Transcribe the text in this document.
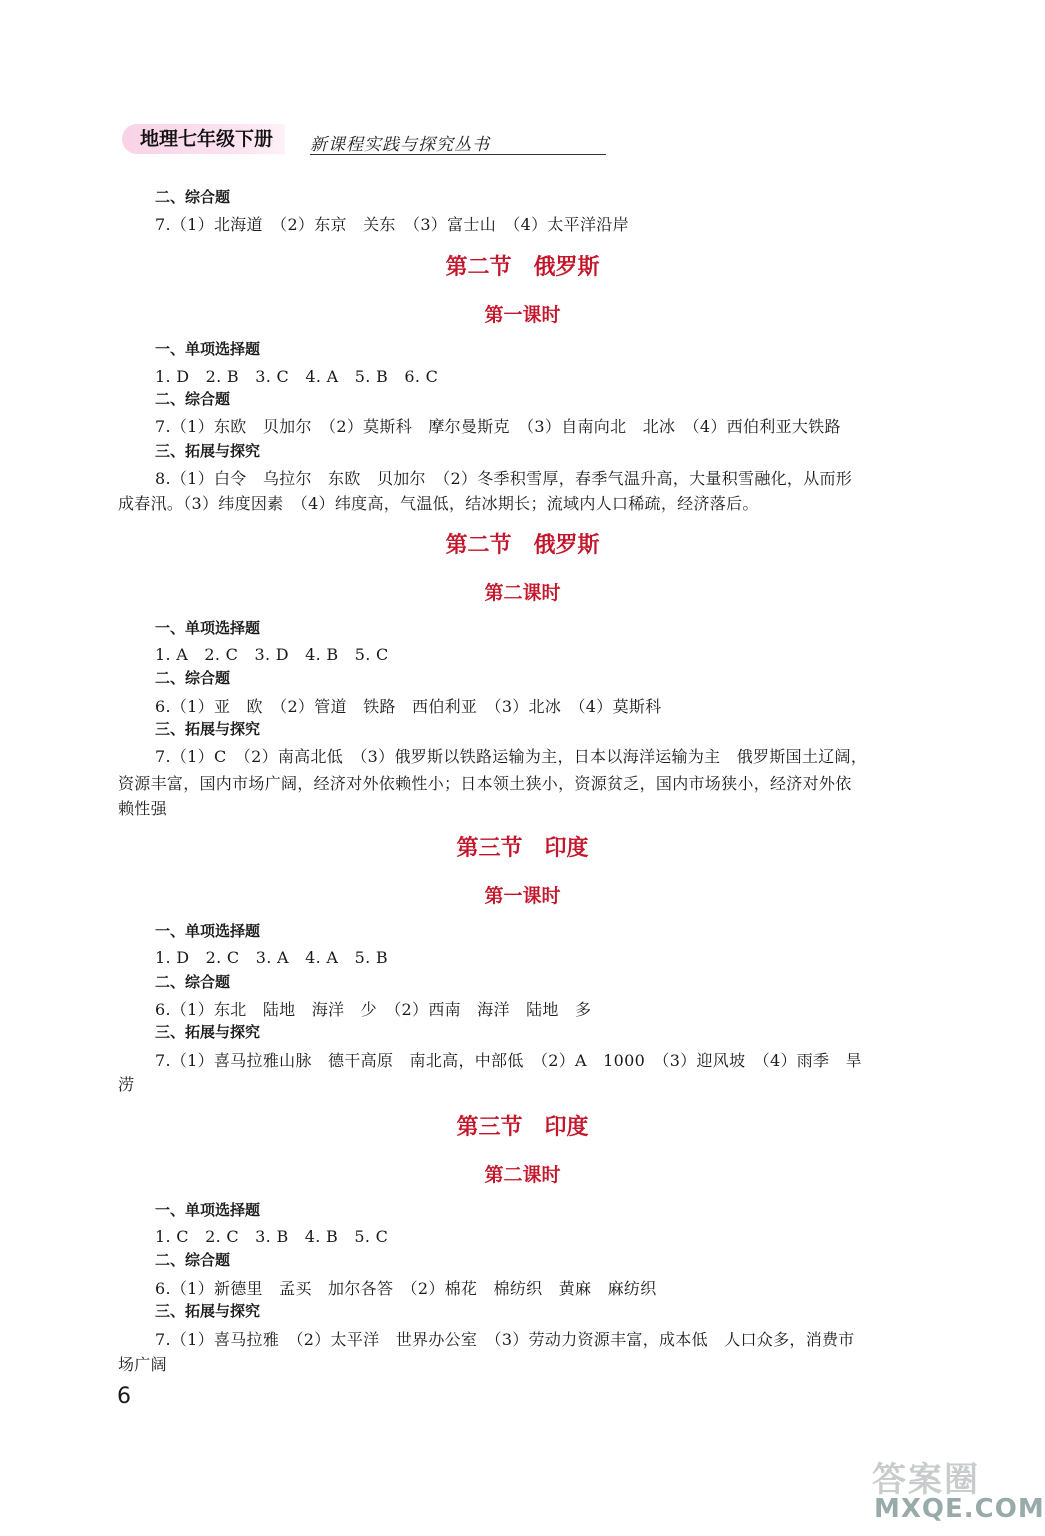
地理七年级下册	新课程实践与探究丛书
二、综合题
7.（1）北海道　（2）东京　关东　（3）富士山　（4）太平洋沿岸
第二节　俄罗斯
第一课时
一、单项选择题
1. D　2. B　3. C　4. A　5. B　6. C
二、综合题
7.（1）东欧　贝加尔　（2）莫斯科　摩尔曼斯克　（3）自南向北　北冰　（4）西伯利亚大铁路
三、拓展与探究
8.（1）白令　乌拉尔　东欧　贝加尔　（2）冬季积雪厚，春季气温升高，大量积雪融化，从而形
成春汛。（3）纬度因素　（4）纬度高，气温低，结冰期长；流域内人口稀疏，经济落后。
第二节　俄罗斯
第二课时
一、单项选择题
1. A　2. C　3. D　4. B　5. C
二、综合题
6.（1）亚　欧　（2）管道　铁路　西伯利亚　（3）北冰　（4）莫斯科
三、拓展与探究
7.（1）C　（2）南高北低　（3）俄罗斯以铁路运输为主，日本以海洋运输为主　俄罗斯国土辽阔，
资源丰富，国内市场广阔，经济对外依赖性小；日本领土狭小，资源贫乏，国内市场狭小，经济对外依
赖性强
第三节　印度
第一课时
一、单项选择题
1. D　2. C　3. A　4. A　5. B
二、综合题
6.（1）东北　陆地　海洋　少　（2）西南　海洋　陆地　多
三、拓展与探究
7.（1）喜马拉雅山脉　德干高原　南北高，中部低　（2）A　1000　（3）迎风坡　（4）雨季　旱
涝
第三节　印度
第二课时
一、单项选择题
1. C　2. C　3. B　4. B　5. C
二、综合题
6.（1）新德里　孟买　加尔各答　（2）棉花　棉纺织　黄麻　麻纺织
三、拓展与探究
7.（1）喜马拉雅　（2）太平洋　世界办公室　（3）劳动力资源丰富，成本低　人口众多，消费市
场广阔
6
答案圈
MXQE.COM
